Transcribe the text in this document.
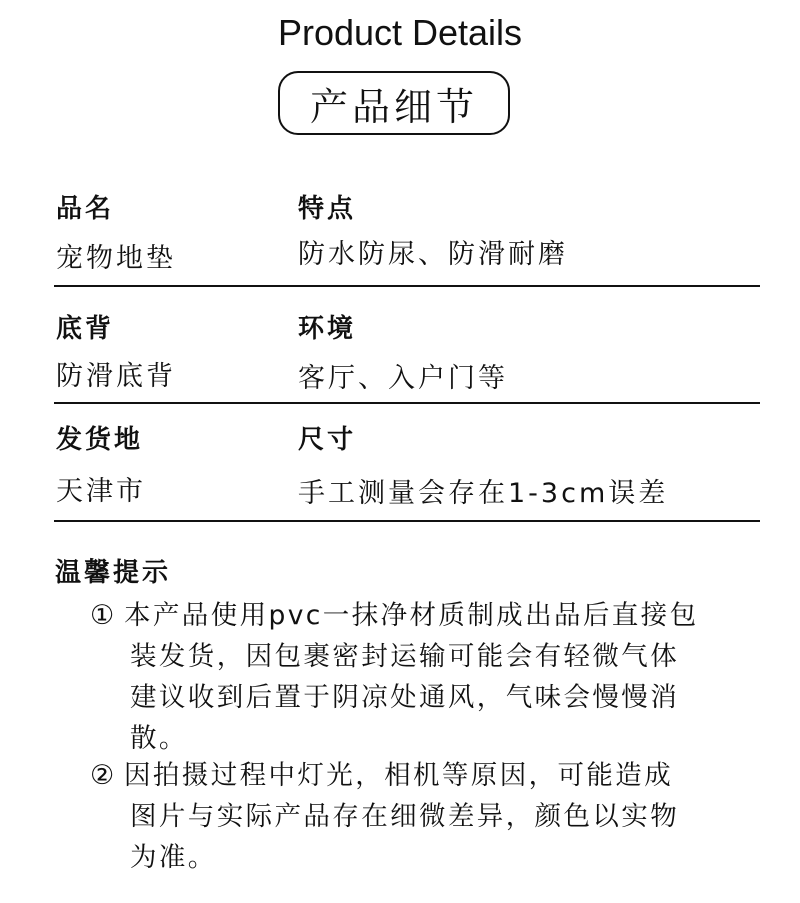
Product Details
产品细节
品名	特点
宠物地垫	防水防尿、防滑耐磨
底背	环境
防滑底背	客厅、入户门等
发货地	尺寸
天津市	手工测量会存在1-3cm误差
温馨提示
① 本产品使用pvc一抹净材质制成出品后直接包
装发货，因包裹密封运输可能会有轻微气体
建议收到后置于阴凉处通风，气味会慢慢消
散。
② 因拍摄过程中灯光，相机等原因，可能造成
图片与实际产品存在细微差异，颜色以实物
为准。
